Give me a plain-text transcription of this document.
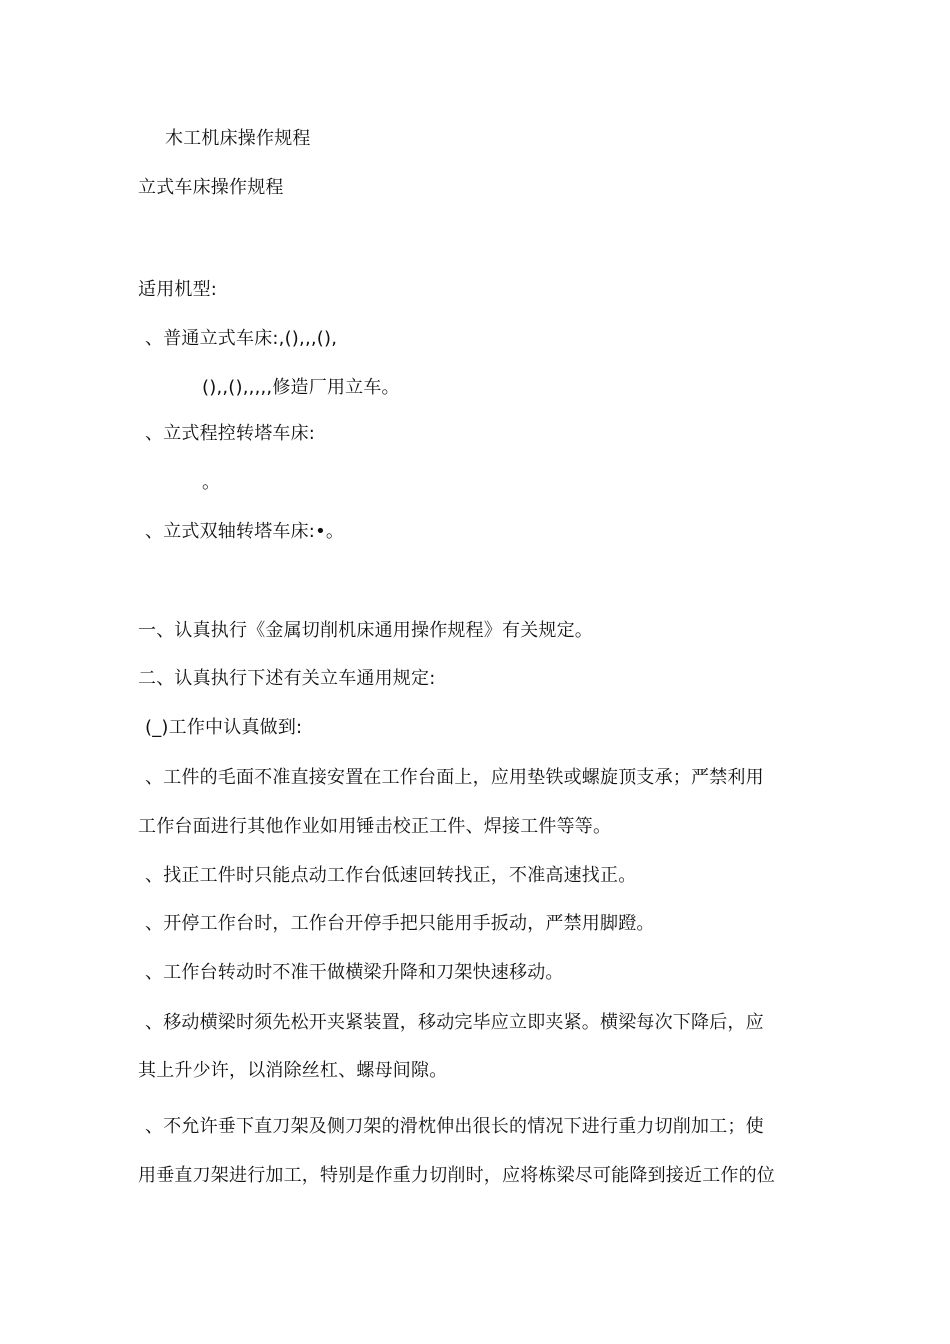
木工机床操作规程
立式车床操作规程
适用机型:
、普通立式车床:,(),,,(),
(),,(),,,,,修造厂用立车。
、立式程控转塔车床:
。
、立式双轴转塔车床:•。
一、认真执行《金属切削机床通用操作规程》有关规定。
二、认真执行下述有关立车通用规定:
(_)工作中认真做到:
、工件的毛面不准直接安置在工作台面上，应用垫铁或螺旋顶支承；严禁利用
工作台面进行其他作业如用锤击校正工件、焊接工件等等。
、找正工件时只能点动工作台低速回转找正，不准高速找正。
、开停工作台时，工作台开停手把只能用手扳动，严禁用脚蹬。
、工作台转动时不准干做横梁升降和刀架快速移动。
、移动横梁时须先松开夹紧装置，移动完毕应立即夹紧。横梁每次下降后，应
其上升少许，以消除丝杠、螺母间隙。
、不允许垂下直刀架及侧刀架的滑枕伸出很长的情况下进行重力切削加工；使
用垂直刀架进行加工，特别是作重力切削时，应将栋梁尽可能降到接近工作的位
